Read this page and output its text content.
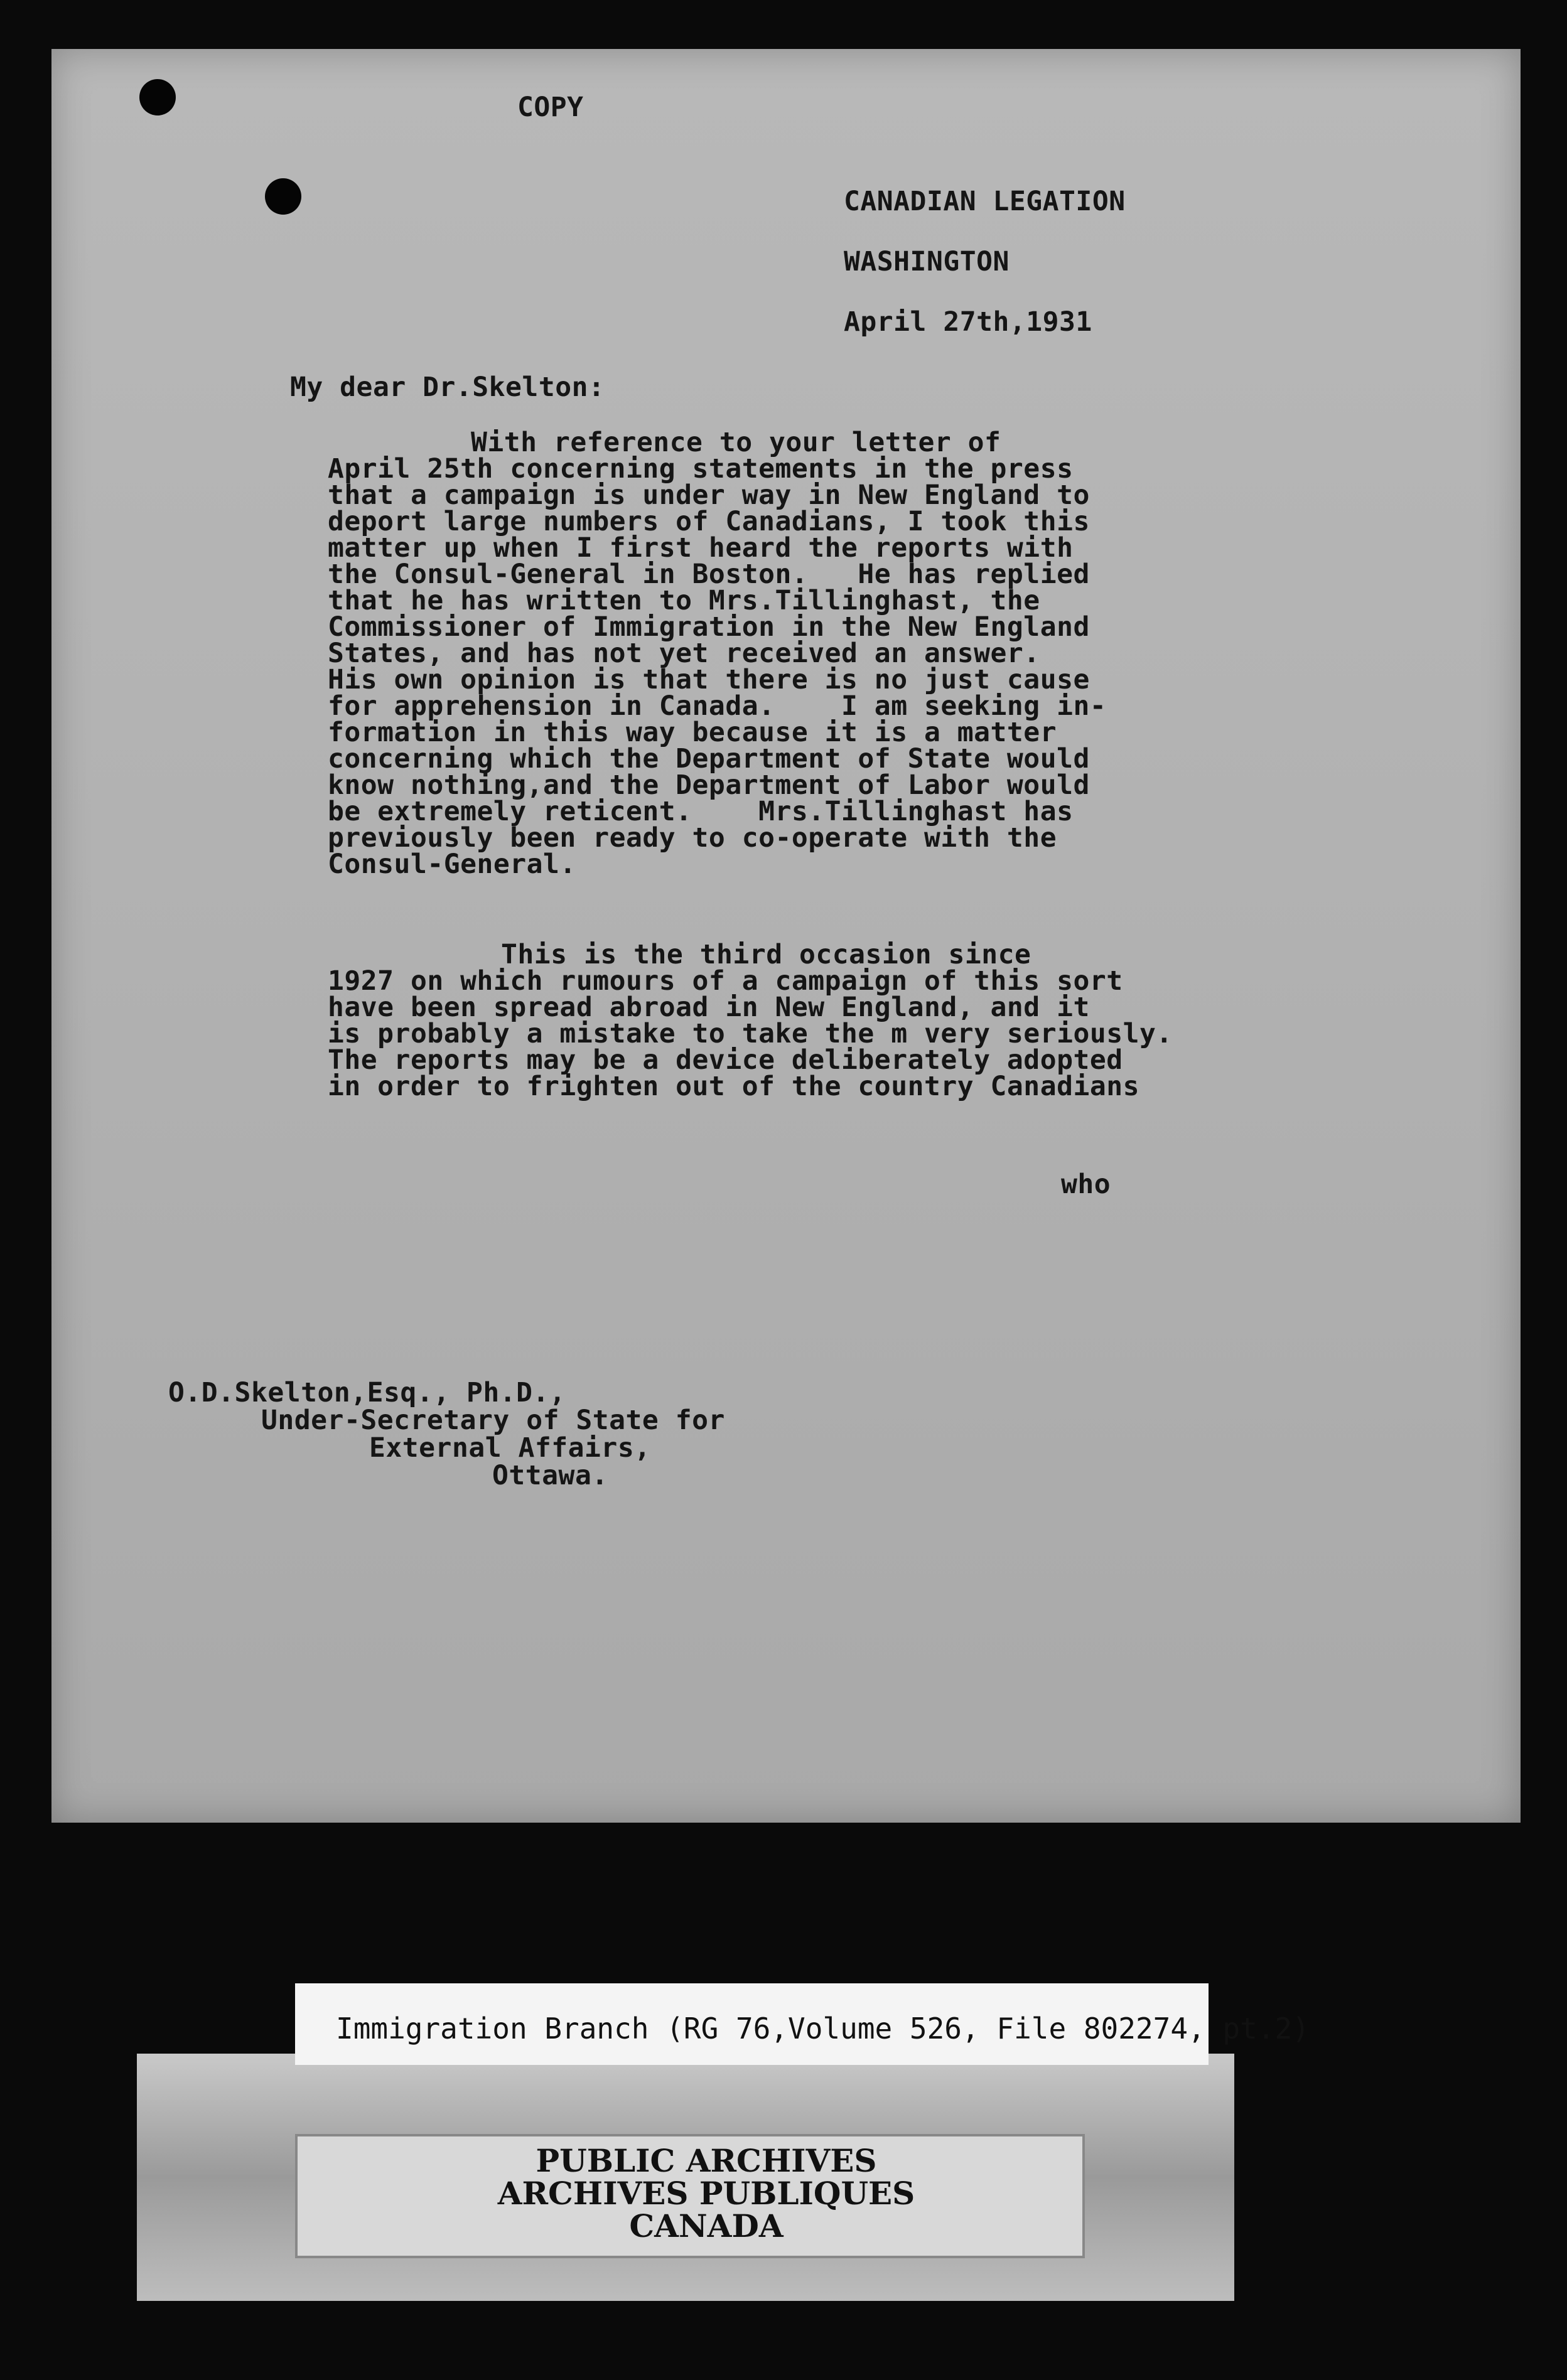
COPY
CANADIAN LEGATION
WASHINGTON
April 27th,1931
My dear Dr.Skelton:
With reference to your letter of
April 25th concerning statements in the press
that a campaign is under way in New England to
deport large numbers of Canadians, I took this
matter up when I first heard the reports with
the Consul-General in Boston.   He has replied
that he has written to Mrs.Tillinghast, the
Commissioner of Immigration in the New England
States, and has not yet received an answer.
His own opinion is that there is no just cause
for apprehension in Canada.    I am seeking in-
formation in this way because it is a matter
concerning which the Department of State would
know nothing,and the Department of Labor would
be extremely reticent.    Mrs.Tillinghast has
previously been ready to co-operate with the
Consul-General.
This is the third occasion since
1927 on which rumours of a campaign of this sort
have been spread abroad in New England, and it
is probably a mistake to take the m very seriously.
The reports may be a device deliberately adopted
in order to frighten out of the country Canadians
who
O.D.Skelton,Esq., Ph.D.,
Under-Secretary of State for
External Affairs,
Ottawa.
Immigration Branch (RG 76,Volume 526, File 802274, pt.2)
PUBLIC ARCHIVES
ARCHIVES PUBLIQUES
CANADA
